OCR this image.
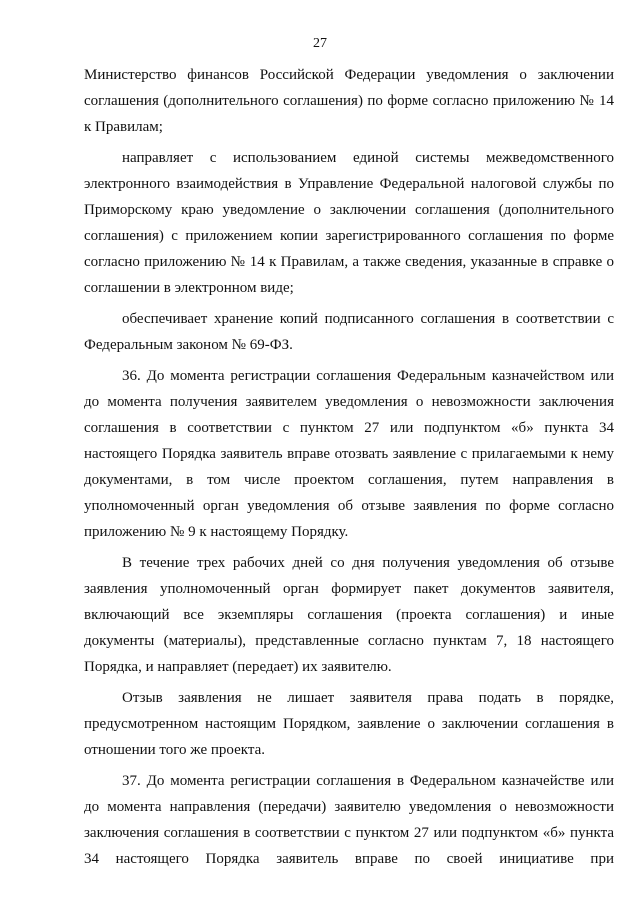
27

Министерство финансов Российской Федерации уведомления о заключении соглашения (дополнительного соглашения) по форме согласно приложению № 14 к Правилам;

направляет с использованием единой системы межведомственного электронного взаимодействия в Управление Федеральной налоговой службы по Приморскому краю уведомление о заключении соглашения (дополнительного соглашения) с приложением копии зарегистрированного соглашения по форме согласно приложению № 14 к Правилам, а также сведения, указанные в справке о соглашении в электронном виде;

обеспечивает хранение копий подписанного соглашения в соответствии с Федеральным законом № 69-ФЗ.

36. До момента регистрации соглашения Федеральным казначейством или до момента получения заявителем уведомления о невозможности заключения соглашения в соответствии с пунктом 27 или подпунктом «б» пункта 34 настоящего Порядка заявитель вправе отозвать заявление с прилагаемыми к нему документами, в том числе проектом соглашения, путем направления в уполномоченный орган уведомления об отзыве заявления по форме согласно приложению № 9 к настоящему Порядку.

В течение трех рабочих дней со дня получения уведомления об отзыве заявления уполномоченный орган формирует пакет документов заявителя, включающий все экземпляры соглашения (проекта соглашения) и иные документы (материалы), представленные согласно пунктам 7, 18 настоящего Порядка, и направляет (передает) их заявителю.

Отзыв заявления не лишает заявителя права подать в порядке, предусмотренном настоящим Порядком, заявление о заключении соглашения в отношении того же проекта.

37. До момента регистрации соглашения в Федеральном казначействе или до момента направления (передачи) заявителю уведомления о невозможности заключения соглашения в соответствии с пунктом 27 или подпунктом «б» пункта 34 настоящего Порядка заявитель вправе по своей инициативе при
